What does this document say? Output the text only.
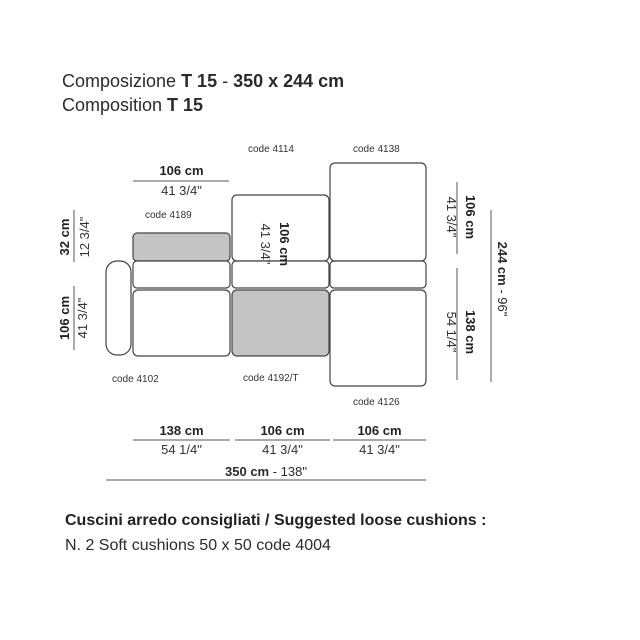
Composizione T 15 - 350 x 244 cm
Composition T 15
code 4114	code 4138
code 4189
code 4102	code 4192/T
code 4126
106 cm
41 3/4"
32 cm 12 3/4"
106 cm 41 3/4"
106 cm
41 3/4"
106 cm
41 3/4"
138 cm
54 1/4"
244 cm - 96"
138 cm
54 1/4"
106 cm
41 3/4"
106 cm
41 3/4"
350 cm - 138"
Cuscini arredo consigliati / Suggested loose cushions :
N. 2 Soft cushions 50 x 50 code 4004
